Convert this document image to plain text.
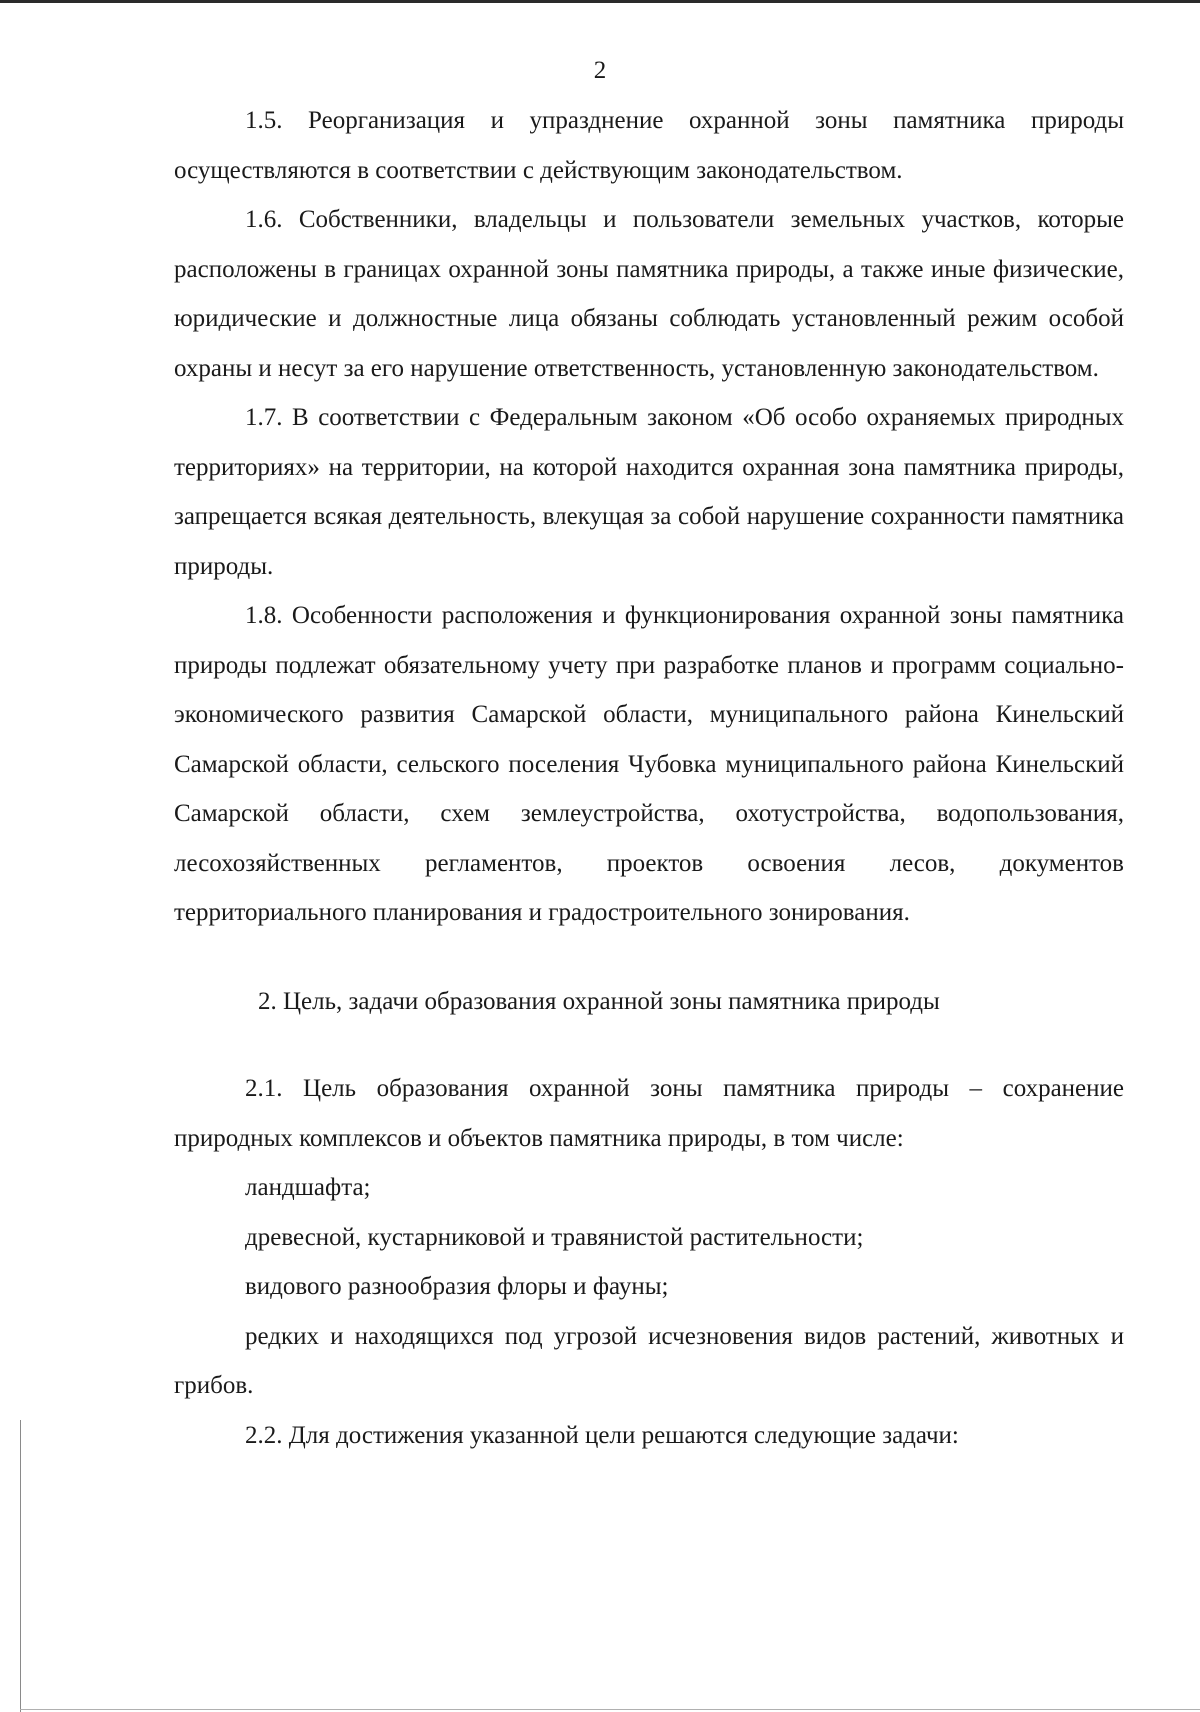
2

1.5. Реорганизация и упразднение охранной зоны памятника природы осуществляются в соответствии с действующим законодательством.

1.6. Собственники, владельцы и пользователи земельных участков, которые расположены в границах охранной зоны памятника природы, а также иные физические, юридические и должностные лица обязаны соблюдать установленный режим особой охраны и несут за его нарушение ответственность, установленную законодательством.

1.7. В соответствии с Федеральным законом «Об особо охраняемых природных территориях» на территории, на которой находится охранная зона памятника природы, запрещается всякая деятельность, влекущая за собой нарушение сохранности памятника природы.

1.8. Особенности расположения и функционирования охранной зоны памятника природы подлежат обязательному учету при разработке планов и программ социально-экономического развития Самарской области, муниципального района Кинельский Самарской области, сельского поселения Чубовка муниципального района Кинельский Самарской области, схем землеустройства, охотустройства, водопользования, лесохозяйственных регламентов, проектов освоения лесов, документов территориального планирования и градостроительного зонирования.

2. Цель, задачи образования охранной зоны памятника природы

2.1. Цель образования охранной зоны памятника природы – сохранение природных комплексов и объектов памятника природы, в том числе:

ландшафта;

древесной, кустарниковой и травянистой растительности;

видового разнообразия флоры и фауны;

редких и находящихся под угрозой исчезновения видов растений, животных и грибов.

2.2. Для достижения указанной цели решаются следующие задачи:
